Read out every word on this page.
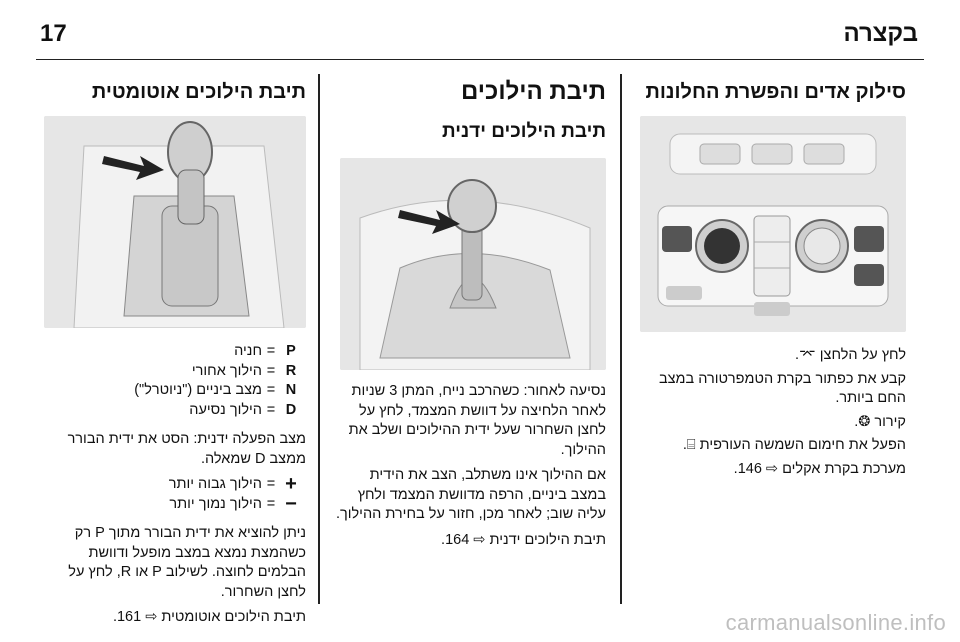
17	בקצרה
סילוק אדים והפשרת החלונות

לחץ על הלחצן ⌤.

קבע את כפתור בקרת הטמפרטורה במצב החם ביותר.

קירור ❂.

הפעל את חימום השמשה העורפית ⌸.

מערכת בקרת אקלים ⇨ 146.

תיבת הילוכים
תיבת הילוכים ידנית

נסיעה לאחור: כשהרכב נייח, המתן 3 שניות לאחר הלחיצה על דוושת המצמד, לחץ על לחצן השחרור שעל ידית ההילוכים ושלב את ההילוך.

אם ההילוך אינו משתלב, הצב את הידית במצב ביניים, הרפה מדוושת המצמד ולחץ עליה שוב; לאחר מכן, חזור על בחירת ההילוך.

תיבת הילוכים ידנית ⇨ 164.

תיבת הילוכים אוטומטית
P
=
חניה
R
=
הילוך אחורי
N
=
מצב ביניים ("ניוטרל")
D
=
הילוך נסיעה

מצב הפעלה ידנית: הסט את ידית הבורר ממצב D שמאלה.

+
=
הילוך גבוה יותר
−
=
הילוך נמוך יותר

ניתן להוציא את ידית הבורר מתוך P רק כשהמצת נמצא במצב מופעל ודוושת הבלמים לחוצה. לשילוב P או R, לחץ על לחצן השחרור.

תיבת הילוכים אוטומטית ⇨ 161.	carmanualsonline.info
